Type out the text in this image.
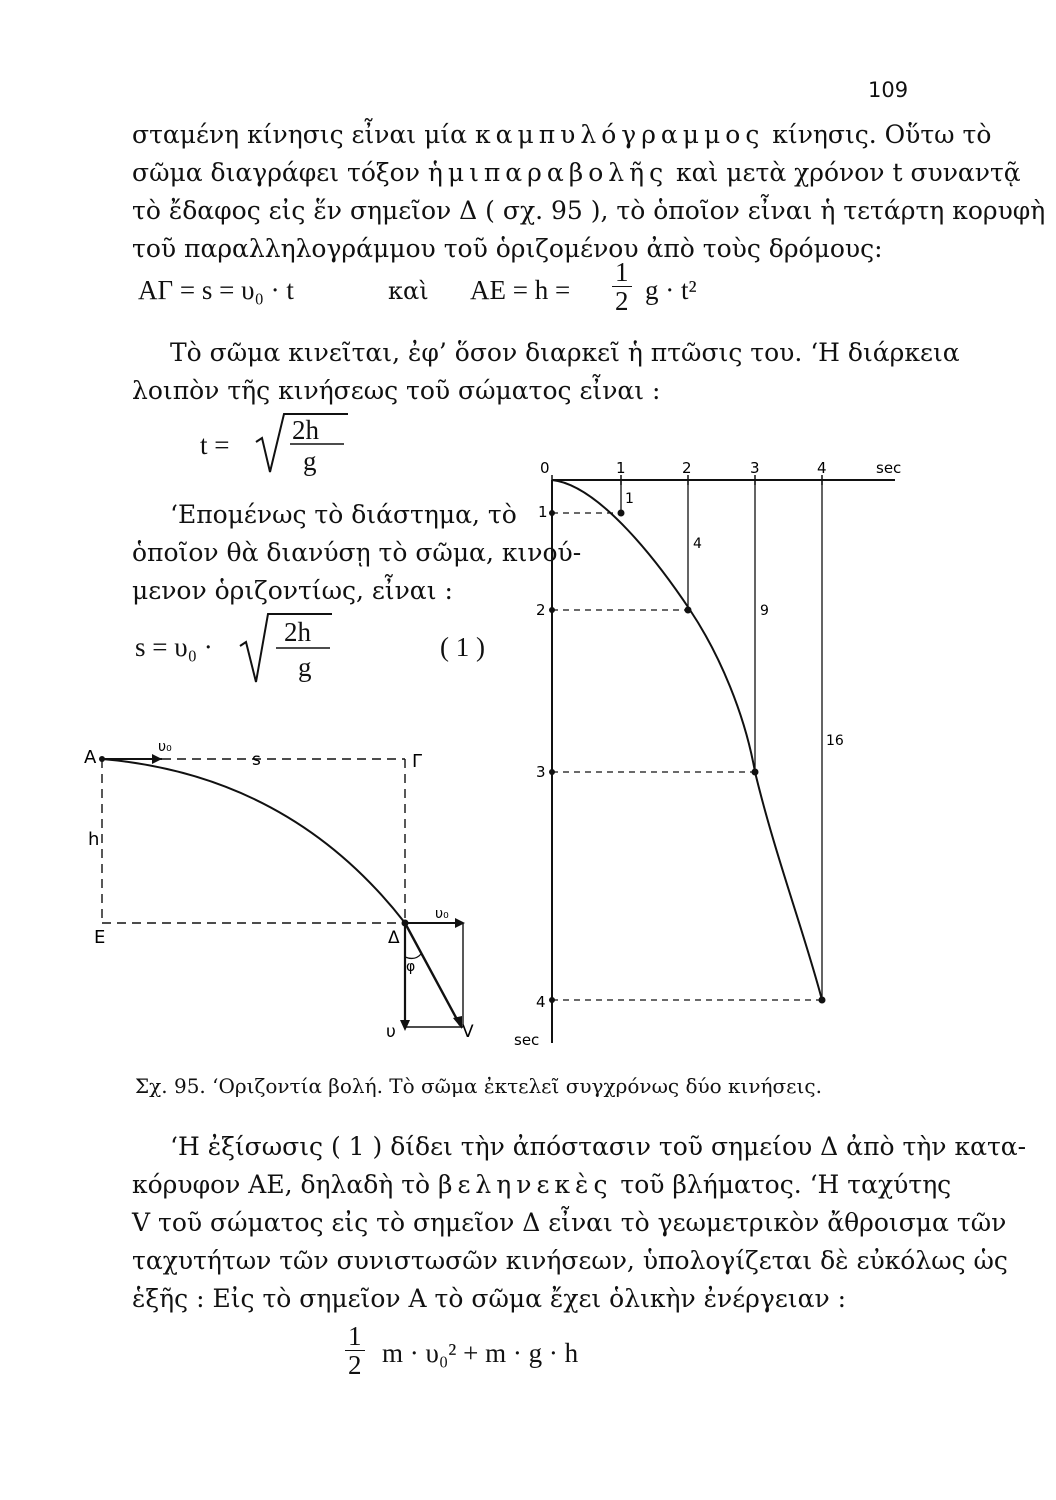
109
σταμένη κίνησις εἶναι μία καμπυλόγραμμος κίνησις. Οὕτω τὸ
σῶμα διαγράφει τόξον ἡμιπαραβολῆς καὶ μετὰ χρόνον t συναντᾷ
τὸ ἔδαφος εἰς ἕν σημεῖον Δ ( σχ. 95 ), τὸ ὁποῖον εἶναι ἡ τετάρτη κορυφὴ
τοῦ παραλληλογράμμου τοῦ ὁριζομένου ἀπὸ τοὺς δρόμους:
ΑΓ = s = υ₀ · t	καὶ $AE = h = \frac{1}{2}$ g · t²
Τὸ σῶμα κινεῖται, ἐφ’ ὅσον διαρκεῖ ἡ πτῶσις του. ‘Η διάρκεια
λοιπὸν τῆς κινήσεως τοῦ σώματος εἶναι :
t = 2h
g
‘Επομένως τὸ διάστημα, τὸ
ὁποῖον θὰ διανύσῃ τὸ σῶμα, κινού-
μενον ὁριζοντίως, εἶναι :
s = υ₀ ·	2h
g
( 1 )
Α	Γ
Ε	Δ
h
s
υ₀
υ₀
φ
υ	V
0	1	2	3	4	sec
1
2
3
4
sec
1
4
9
16
Σχ. 95. ‘Οριζοντία βολή. Τὸ σῶμα ἐκτελεῖ συγχρόνως δύο κινήσεις.
‘Η ἐξίσωσις ( 1 ) δίδει τὴν ἀπόστασιν τοῦ σημείου Δ ἀπὸ τὴν κατα-
κόρυφον ΑΕ, δηλαδὴ τὸ βεληνεκὲς τοῦ βλήματος. ‘Η ταχύτης
V τοῦ σώματος εἰς τὸ σημεῖον Δ εἶναι τὸ γεωμετρικὸν ἄθροισμα τῶν
ταχυτήτων τῶν συνιστωσῶν κινήσεων, ὑπολογίζεται δὲ εὐκόλως ὡς
ἑξῆς : Εἰς τὸ σημεῖον Α τὸ σῶμα ἔχει ὁλικὴν ἐνέργειαν :
$\frac{1}{2}$ m · υ₀² + m · g · h
